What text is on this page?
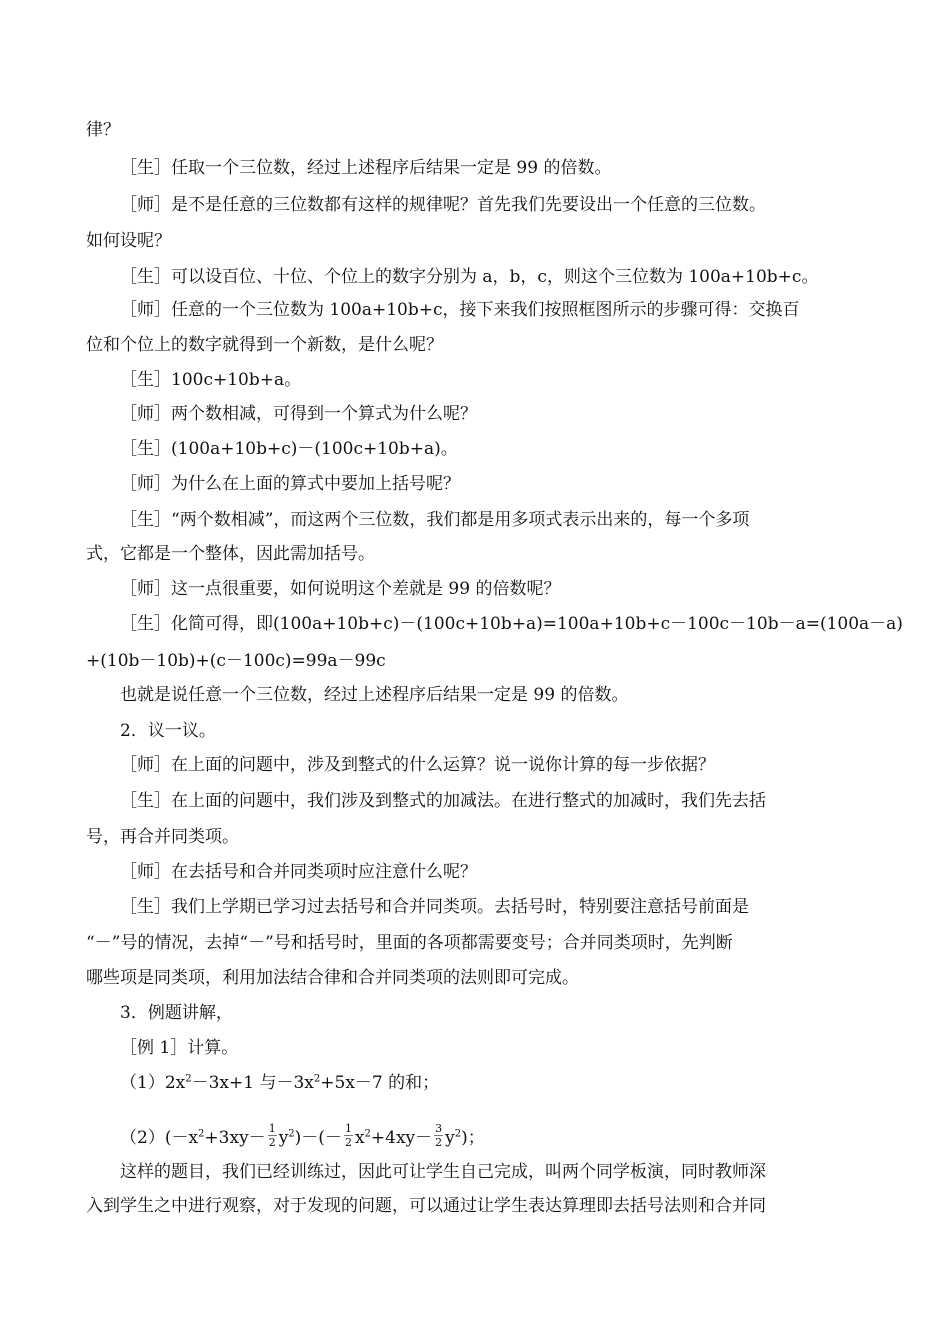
律？
［生］任取一个三位数，经过上述程序后结果一定是 99 的倍数。
［师］是不是任意的三位数都有这样的规律呢？首先我们先要设出一个任意的三位数。
如何设呢？
［生］可以设百位、十位、个位上的数字分别为 a，b，c，则这个三位数为 100a+10b+c。
［师］任意的一个三位数为 100a+10b+c，接下来我们按照框图所示的步骤可得：交换百
位和个位上的数字就得到一个新数，是什么呢？
［生］100c+10b+a。
［师］两个数相减，可得到一个算式为什么呢？
［生］(100a+10b+c)－(100c+10b+a)。
［师］为什么在上面的算式中要加上括号呢？
［生］“两个数相减”，而这两个三位数，我们都是用多项式表示出来的，每一个多项
式，它都是一个整体，因此需加括号。
［师］这一点很重要，如何说明这个差就是 99 的倍数呢？
［生］化简可得，即(100a+10b+c)－(100c+10b+a)=100a+10b+c－100c－10b－a=(100a－a)
+(10b－10b)+(c－100c)=99a－99c
也就是说任意一个三位数，经过上述程序后结果一定是 99 的倍数。
2．议一议。
［师］在上面的问题中，涉及到整式的什么运算？说一说你计算的每一步依据？
［生］在上面的问题中，我们涉及到整式的加减法。在进行整式的加减时，我们先去括
号，再合并同类项。
［师］在去括号和合并同类项时应注意什么呢？
［生］我们上学期已学习过去括号和合并同类项。去括号时，特别要注意括号前面是
“－”号的情况，去掉“－”号和括号时，里面的各项都需要变号；合并同类项时，先判断
哪些项是同类项，利用加法结合律和合并同类项的法则即可完成。
3．例题讲解，
［例 1］计算。
$(1)2x^2-3x+1$ 与$-3x^2+5x-7$ 的和；
$(2)(-x^2+3xy- \frac{1}{2} y^2)-(- \frac{1}{2} x^2+4xy- \frac{3}{2} y^2)$；
这样的题目，我们已经训练过，因此可让学生自己完成，叫两个同学板演，同时教师深
入到学生之中进行观察，对于发现的问题，可以通过让学生表达算理即去括号法则和合并同
